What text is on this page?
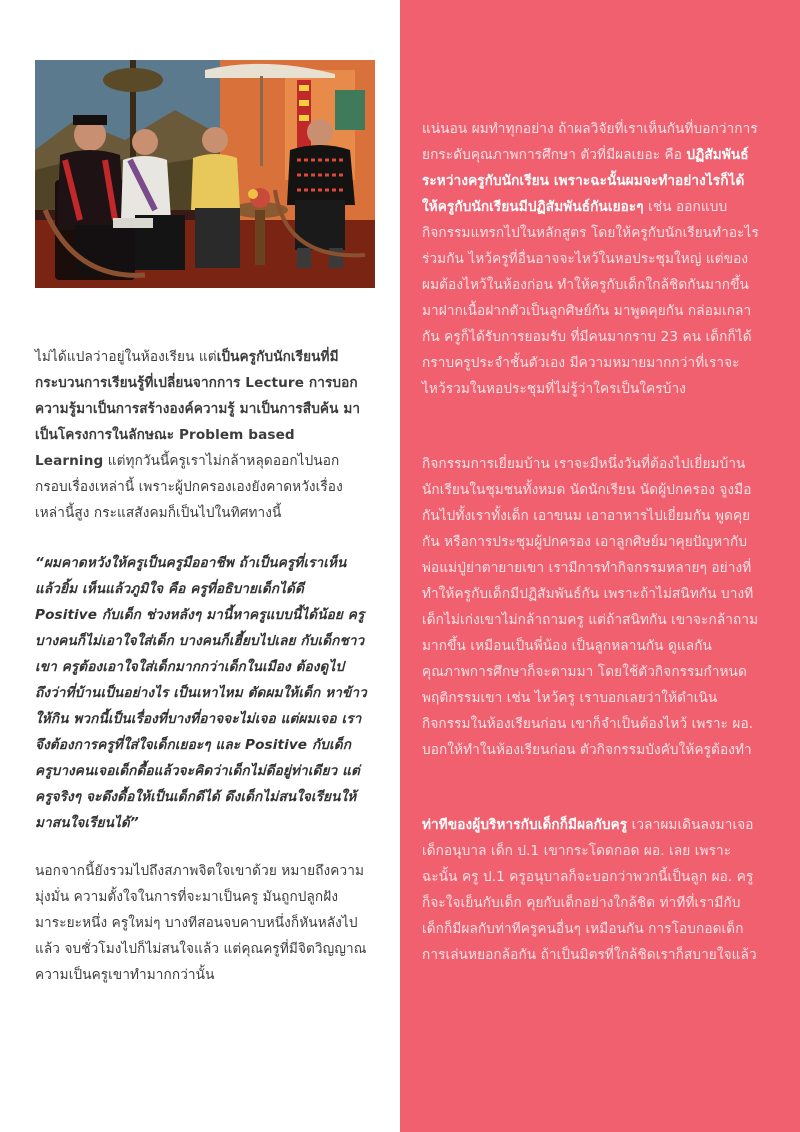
ไม่ได้แปลว่าอยู่ในห้องเรียน แต่เป็นครูกับนักเรียนที่มีกระบวนการเรียนรู้ที่เปลี่ยนจากการ Lecture การบอกความรู้มาเป็นการสร้างองค์ความรู้ มาเป็นการสืบค้น มาเป็นโครงการในลักษณะ Problem based Learning แต่ทุกวันนี้ครูเราไม่กล้าหลุดออกไปนอกกรอบเรื่องเหล่านี้ เพราะผู้ปกครองเองยังคาดหวังเรื่องเหล่านี้สูง กระแสสังคมก็เป็นไปในทิศทางนี้

“ผมคาดหวังให้ครูเป็นครูมืออาชีพ ถ้าเป็นครูที่เราเห็นแล้วยิ้ม เห็นแล้วภูมิใจ คือ ครูที่อธิบายเด็กได้ดี Positive กับเด็ก ช่วงหลังๆ มานี้หาครูแบบนี้ได้น้อย ครูบางคนก็ไม่เอาใจใส่เด็ก บางคนก็เฮี้ยบไปเลย กับเด็กชาวเขา ครูต้องเอาใจใส่เด็กมากกว่าเด็กในเมือง ต้องดูไปถึงว่าที่บ้านเป็นอย่างไร เป็นเหาไหม ตัดผมให้เด็ก หาข้าวให้กิน พวกนี้เป็นเรื่องที่บางที่อาจจะไม่เจอ แต่ผมเจอ เราจึงต้องการครูที่ใส่ใจเด็กเยอะๆ และ Positive กับเด็ก ครูบางคนเจอเด็กดื้อแล้วจะคิดว่าเด็กไม่ดีอยู่ท่าเดียว แต่ครูจริงๆ จะดึงดื้อให้เป็นเด็กดีได้ ดึงเด็กไม่สนใจเรียนให้มาสนใจเรียนได้”

นอกจากนี้ยังรวมไปถึงสภาพจิตใจเขาด้วย หมายถึงความมุ่งมั่น ความตั้งใจในการที่จะมาเป็นครู มันถูกปลูกฝังมาระยะหนึ่ง ครูใหม่ๆ บางทีสอนจบคาบหนึ่งก็หันหลังไปแล้ว จบชั่วโมงไปก็ไม่สนใจแล้ว แต่คุณครูที่มีจิตวิญญาณความเป็นครูเขาทำมากกว่านั้น

แน่นอน ผมทำทุกอย่าง ถ้าผลวิจัยที่เราเห็นกันที่บอกว่าการยกระดับคุณภาพการศึกษา ตัวที่มีผลเยอะ คือ ปฏิสัมพันธ์ระหว่างครูกับนักเรียน เพราะฉะนั้นผมจะทำอย่างไรก็ได้ให้ครูกับนักเรียนมีปฏิสัมพันธ์กันเยอะๆ เช่น ออกแบบกิจกรรมแทรกไปในหลักสูตร โดยให้ครูกับนักเรียนทำอะไรร่วมกัน ไหว้ครูที่อื่นอาจจะไหว้ในหอประชุมใหญ่ แต่ของผมต้องไหว้ในห้องก่อน ทำให้ครูกับเด็กใกล้ชิดกันมากขึ้น มาฝากเนื้อฝากตัวเป็นลูกศิษย์กัน มาพูดคุยกัน กล่อมเกลากัน ครูก็ได้รับการยอมรับ ที่มีคนมากราบ 23 คน เด็กก็ได้กราบครูประจำชั้นตัวเอง มีความหมายมากกว่าที่เราจะไหว้รวมในหอประชุมที่ไม่รู้ว่าใครเป็นใครบ้าง

กิจกรรมการเยี่ยมบ้าน เราจะมีหนึ่งวันที่ต้องไปเยี่ยมบ้านนักเรียนในชุมชนทั้งหมด นัดนักเรียน นัดผู้ปกครอง จูงมือกันไปทั้งเราทั้งเด็ก เอาขนม เอาอาหารไปเยี่ยมกัน พูดคุยกัน หรือการประชุมผู้ปกครอง เอาลูกศิษย์มาคุยปัญหากับพ่อแม่ปู่ย่าตายายเขา เรามีการทำกิจกรรมหลายๆ อย่างที่ทำให้ครูกับเด็กมีปฏิสัมพันธ์กัน เพราะถ้าไม่สนิทกัน บางทีเด็กไม่เก่งเขาไม่กล้าถามครู แต่ถ้าสนิทกัน เขาจะกล้าถามมากขึ้น เหมือนเป็นพี่น้อง เป็นลูกหลานกัน ดูแลกัน คุณภาพการศึกษาก็จะตามมา โดยใช้ตัวกิจกรรมกำหนดพฤติกรรมเขา เช่น ไหว้ครู เราบอกเลยว่าให้ดำเนินกิจกรรมในห้องเรียนก่อน เขาก็จำเป็นต้องไหว้ เพราะ ผอ. บอกให้ทำในห้องเรียนก่อน ตัวกิจกรรมบังคับให้ครูต้องทำ

ท่าทีของผู้บริหารกับเด็กก็มีผลกับครู เวลาผมเดินลงมาเจอเด็กอนุบาล เด็ก ป.1 เขากระโดดกอด ผอ. เลย เพราะฉะนั้น ครู ป.1 ครูอนุบาลก็จะบอกว่าพวกนี้เป็นลูก ผอ. ครูก็จะใจเย็นกับเด็ก คุยกับเด็กอย่างใกล้ชิด ท่าทีที่เรามีกับเด็กก็มีผลกับท่าทีครูคนอื่นๆ เหมือนกัน การโอบกอดเด็ก การเล่นหยอกล้อกัน ถ้าเป็นมิตรที่ใกล้ชิดเราก็สบายใจแล้ว
